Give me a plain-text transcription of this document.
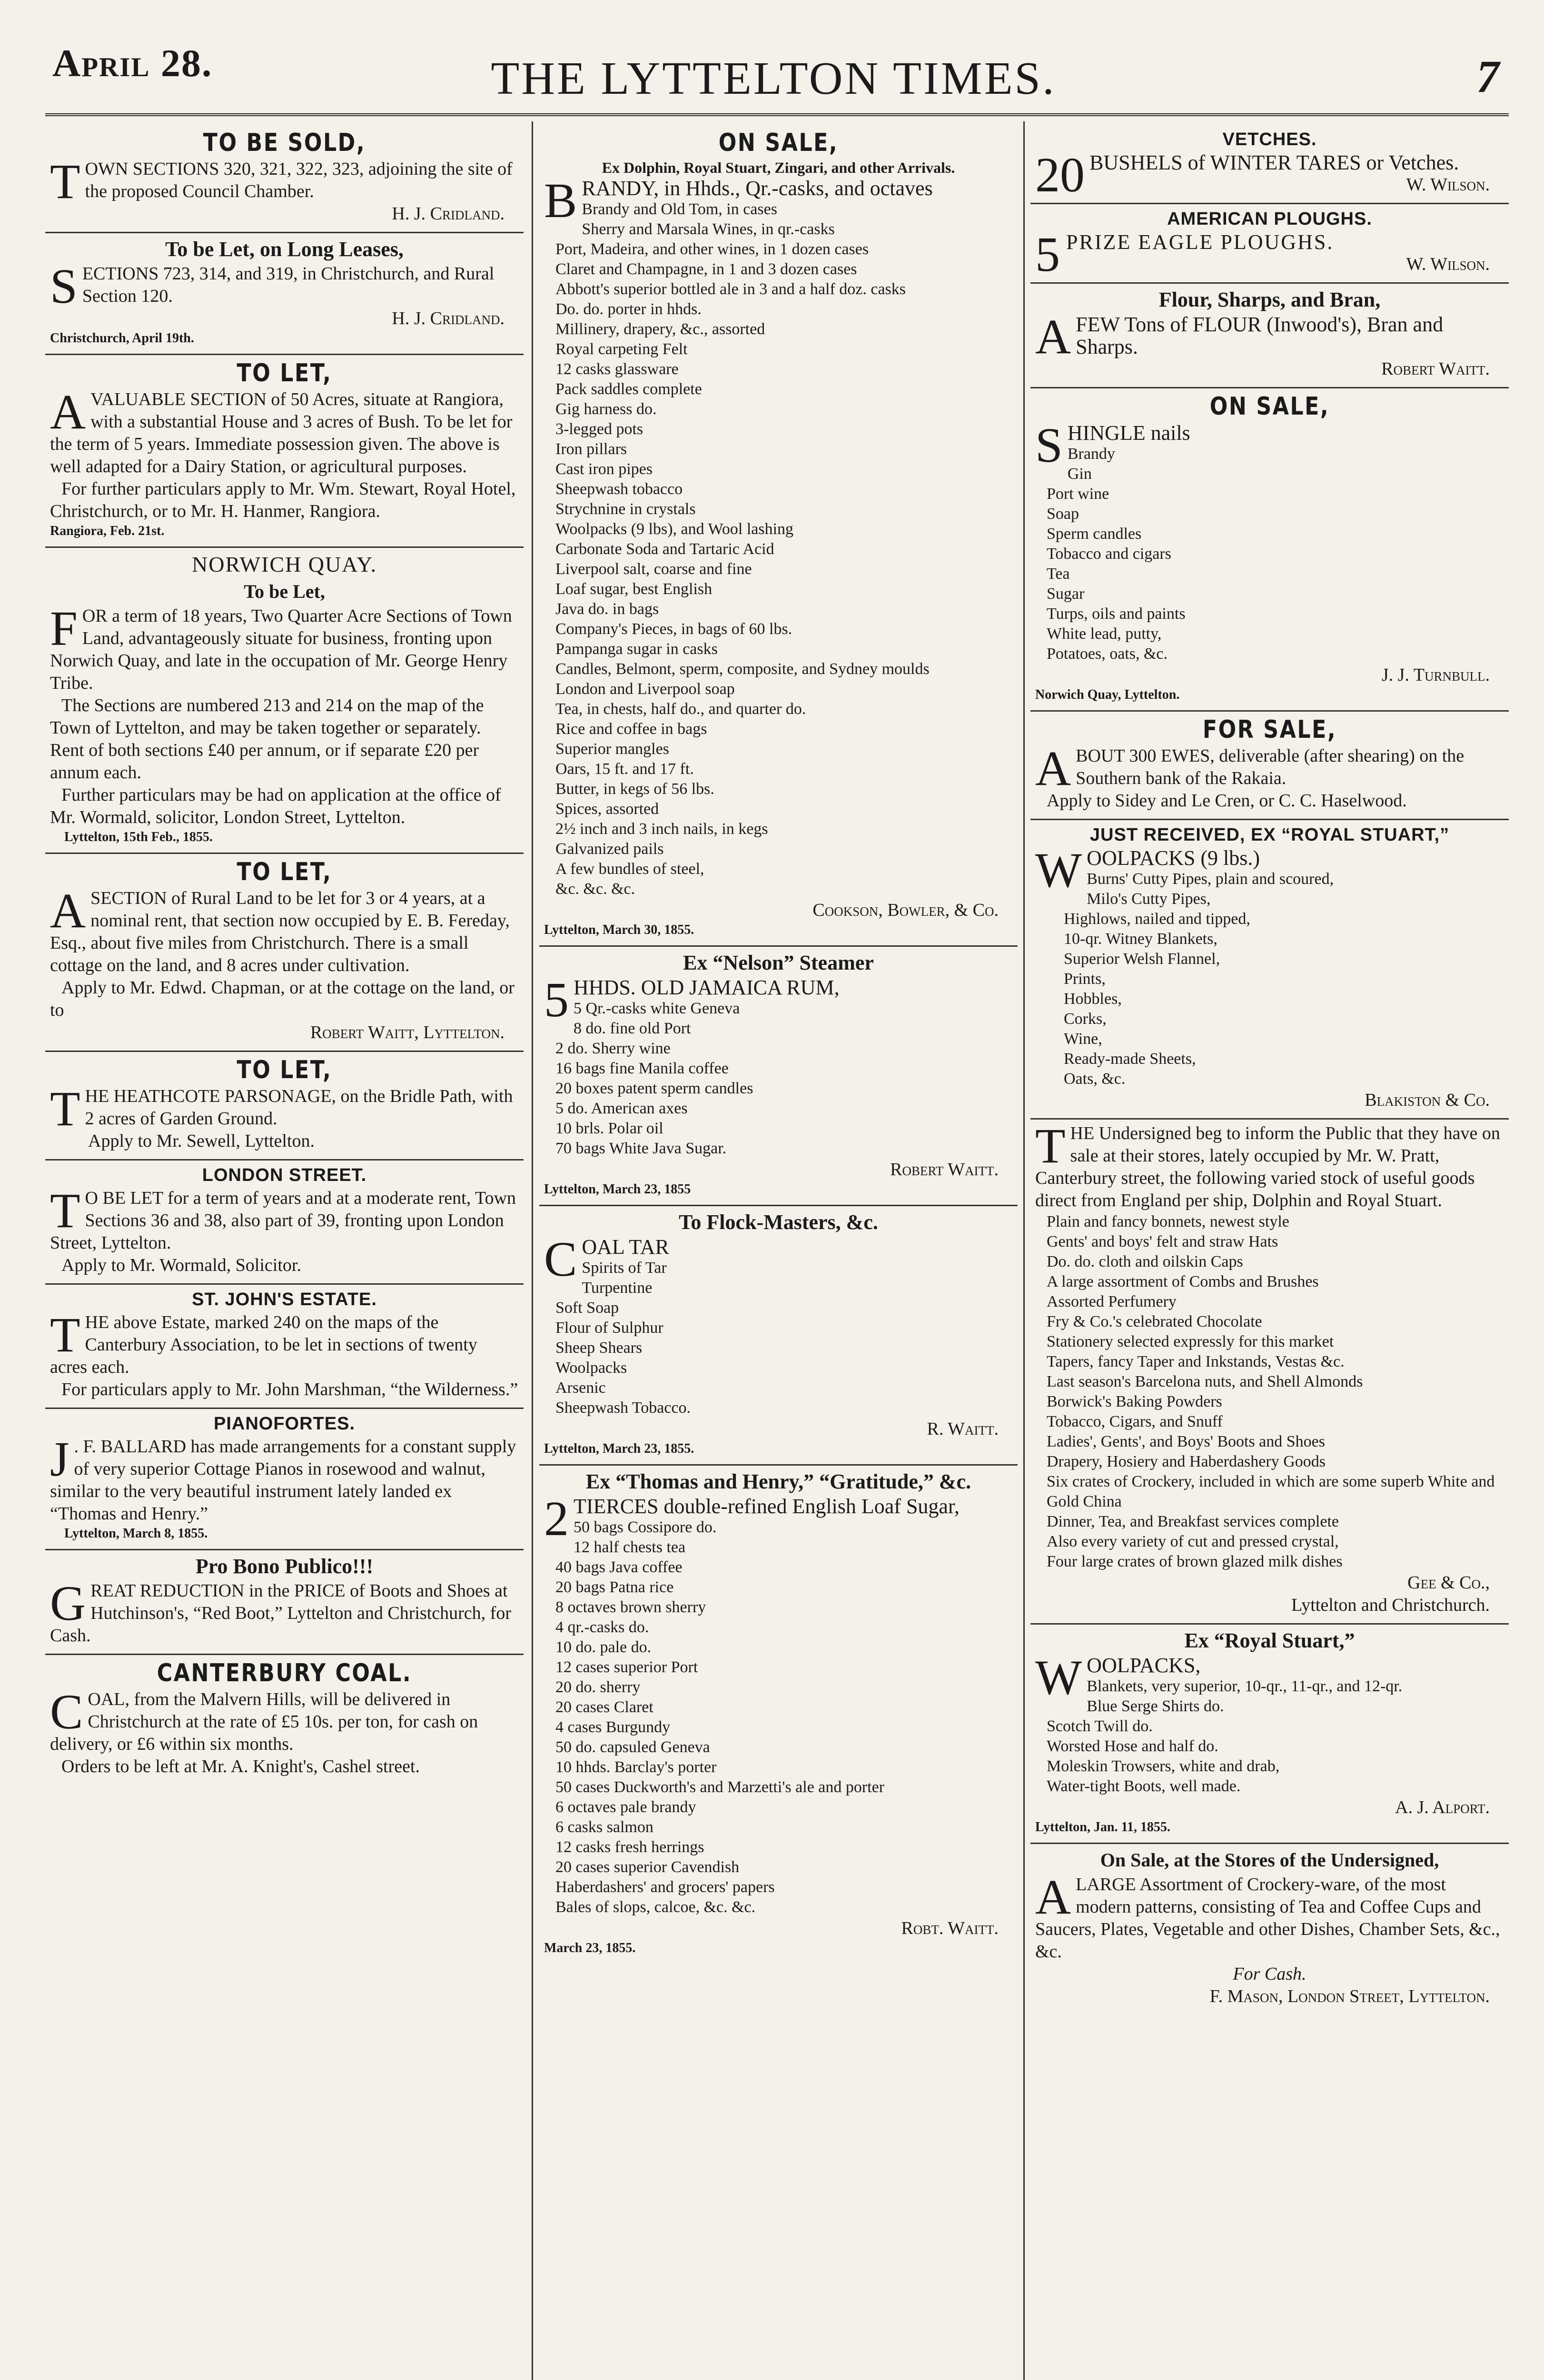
April 28.	THE LYTTELTON TIMES.	7
TO BE SOLD,
TOWN SECTIONS 320, 321, 322, 323, adjoining the site of the proposed Council Chamber.
H. J. Cridland.
To be Let, on Long Leases,
SECTIONS 723, 314, and 319, in Christchurch, and Rural Section 120.
H. J. Cridland.
Christchurch, April 19th.
TO LET,
AVALUABLE SECTION of 50 Acres, situate at Rangiora, with a substantial House and 3 acres of Bush. To be let for the term of 5 years. Immediate possession given. The above is well adapted for a Dairy Station, or agricultural purposes.
For further particulars apply to Mr. Wm. Stewart, Royal Hotel, Christchurch, or to Mr. H. Hanmer, Rangiora.
Rangiora, Feb. 21st.
NORWICH QUAY.
To be Let,
FOR a term of 18 years, Two Quarter Acre Sections of Town Land, advantageously situate for business, fronting upon Norwich Quay, and late in the occupation of Mr. George Henry Tribe.
The Sections are numbered 213 and 214 on the map of the Town of Lyttelton, and may be taken together or separately. Rent of both sections £40 per annum, or if separate £20 per annum each.
Further particulars may be had on application at the office of Mr. Wormald, solicitor, London Street, Lyttelton.
Lyttelton, 15th Feb., 1855.
TO LET,
ASECTION of Rural Land to be let for 3 or 4 years, at a nominal rent, that section now occupied by E. B. Fereday, Esq., about five miles from Christchurch. There is a small cottage on the land, and 8 acres under cultivation.
Apply to Mr. Edwd. Chapman, or at the cottage on the land, or to
Robert Waitt, Lyttelton.
TO LET,
THE HEATHCOTE PARSONAGE, on the Bridle Path, with 2 acres of Garden Ground.
Apply to Mr. Sewell, Lyttelton.
LONDON STREET.
T O BE LET for a term of years and at a moderate rent, Town Sections 36 and 38, also part of 39, fronting upon London Street, Lyttelton.
Apply to Mr. Wormald, Solicitor.
ST. JOHN'S ESTATE.
THE above Estate, marked 240 on the maps of the Canterbury Association, to be let in sections of twenty acres each.
For particulars apply to Mr. John Marshman, “the Wilderness.”
PIANOFORTES.
J . F. BALLARD has made arrangements for a constant supply of very superior Cottage Pianos in rosewood and walnut, similar to the very beautiful instrument lately landed ex “Thomas and Henry.”
Lyttelton, March 8, 1855.
Pro Bono Publico!!!
GREAT REDUCTION in the PRICE of Boots and Shoes at Hutchinson's, “Red Boot,” Lyttelton and Christchurch, for Cash.
CANTERBURY COAL.
COAL, from the Malvern Hills, will be delivered in Christchurch at the rate of £5 10s. per ton, for cash on delivery, or £6 within six months.
Orders to be left at Mr. A. Knight's, Cashel street.
ON SALE,
Ex Dolphin, Royal Stuart, Zingari, and other Arrivals.
BRANDY, in Hhds., Qr.-casks, and octaves
Brandy and Old Tom, in cases
Sherry and Marsala Wines, in qr.-casks
Port, Madeira, and other wines, in 1 dozen cases
Claret and Champagne, in 1 and 3 dozen cases
Abbott's superior bottled ale in 3 and a half doz. casks
Do. do. porter in hhds.
Millinery, drapery, &c., assorted
Royal carpeting Felt
12 casks glassware
Pack saddles complete
Gig harness do.
3-legged pots
Iron pillars
Cast iron pipes
Sheepwash tobacco
Strychnine in crystals
Woolpacks (9 lbs), and Wool lashing
Carbonate Soda and Tartaric Acid
Liverpool salt, coarse and fine
Loaf sugar, best English
Java do. in bags
Company's Pieces, in bags of 60 lbs.
Pampanga sugar in casks
Candles, Belmont, sperm, composite, and Sydney moulds
London and Liverpool soap
Tea, in chests, half do., and quarter do.
Rice and coffee in bags
Superior mangles
Oars, 15 ft. and 17 ft.
Butter, in kegs of 56 lbs.
Spices, assorted
2½ inch and 3 inch nails, in kegs
Galvanized pails
A few bundles of steel,
&c. &c. &c.
Cookson, Bowler, & Co.
Lyttelton, March 30, 1855.
Ex “Nelson” Steamer
5 HHDS. OLD JAMAICA RUM,
5 Qr.-casks white Geneva
8 do. fine old Port
2 do. Sherry wine
16 bags fine Manila coffee
20 boxes patent sperm candles
5 do. American axes
10 brls. Polar oil
70 bags White Java Sugar.
Robert Waitt.
Lyttelton, March 23, 1855
To Flock-Masters, &c.
COAL TAR
Spirits of Tar
Turpentine
Soft Soap
Flour of Sulphur
Sheep Shears
Woolpacks
Arsenic
Sheepwash Tobacco.
R. Waitt.
Lyttelton, March 23, 1855.
Ex “Thomas and Henry,” “Gratitude,” &c.
2 TIERCES double-refined English Loaf Sugar,
50 bags Cossipore do.
12 half chests tea
40 bags Java coffee
20 bags Patna rice
8 octaves brown sherry
4 qr.-casks do.
10 do. pale do.
12 cases superior Port
20 do. sherry
20 cases Claret
4 cases Burgundy
50 do. capsuled Geneva
10 hhds. Barclay's porter
50 cases Duckworth's and Marzetti's ale and porter
6 octaves pale brandy
6 casks salmon
12 casks fresh herrings
20 cases superior Cavendish
Haberdashers' and grocers' papers
Bales of slops, calcoe, &c. &c.
Robt. Waitt.
March 23, 1855.
VETCHES.
20 BUSHELS of WINTER TARES or Vetches.
W. Wilson.
AMERICAN PLOUGHS.
5 PRIZE EAGLE PLOUGHS.
W. Wilson.
Flour, Sharps, and Bran,
AFEW Tons of FLOUR (Inwood's), Bran and Sharps.
Robert Waitt.
ON SALE,
SHINGLE nails
Brandy
Gin
Port wine
Soap
Sperm candles
Tobacco and cigars
Tea
Sugar
Turps, oils and paints
White lead, putty,
Potatoes, oats, &c.
J. J. Turnbull.
Norwich Quay, Lyttelton.
FOR SALE,
ABOUT 300 EWES, deliverable (after shearing) on the Southern bank of the Rakaia.
Apply to Sidey and Le Cren, or C. C. Haselwood.
JUST RECEIVED, EX “ROYAL STUART,”
WOOLPACKS (9 lbs.)
Burns' Cutty Pipes, plain and scoured,
Milo's Cutty Pipes,
Highlows, nailed and tipped,
10-qr. Witney Blankets,
Superior Welsh Flannel,
Prints,
Hobbles,
Corks,
Wine,
Ready-made Sheets,
Oats, &c.
Blakiston & Co.
THE Undersigned beg to inform the Public that they have on sale at their stores, lately occupied by Mr. W. Pratt, Canterbury street, the following varied stock of useful goods direct from England per ship, Dolphin and Royal Stuart.
Plain and fancy bonnets, newest style
Gents' and boys' felt and straw Hats
Do. do. cloth and oilskin Caps
A large assortment of Combs and Brushes
Assorted Perfumery
Fry & Co.'s celebrated Chocolate
Stationery selected expressly for this market
Tapers, fancy Taper and Inkstands, Vestas &c.
Last season's Barcelona nuts, and Shell Almonds
Borwick's Baking Powders
Tobacco, Cigars, and Snuff
Ladies', Gents', and Boys' Boots and Shoes
Drapery, Hosiery and Haberdashery Goods
Six crates of Crockery, included in which are some superb White and Gold China
Dinner, Tea, and Breakfast services complete
Also every variety of cut and pressed crystal,
Four large crates of brown glazed milk dishes
Gee & Co.,
Lyttelton and Christchurch.
Ex “Royal Stuart,”
WOOLPACKS,
Blankets, very superior, 10-qr., 11-qr., and 12-qr.
Blue Serge Shirts do.
Scotch Twill do.
Worsted Hose and half do.
Moleskin Trowsers, white and drab,
Water-tight Boots, well made.
A. J. Alport.
Lyttelton, Jan. 11, 1855.
On Sale, at the Stores of the Undersigned,
ALARGE Assortment of Crockery-ware, of the most modern patterns, consisting of Tea and Coffee Cups and Saucers, Plates, Vegetable and other Dishes, Chamber Sets, &c., &c.
For Cash.
F. Mason, London Street, Lyttelton.
